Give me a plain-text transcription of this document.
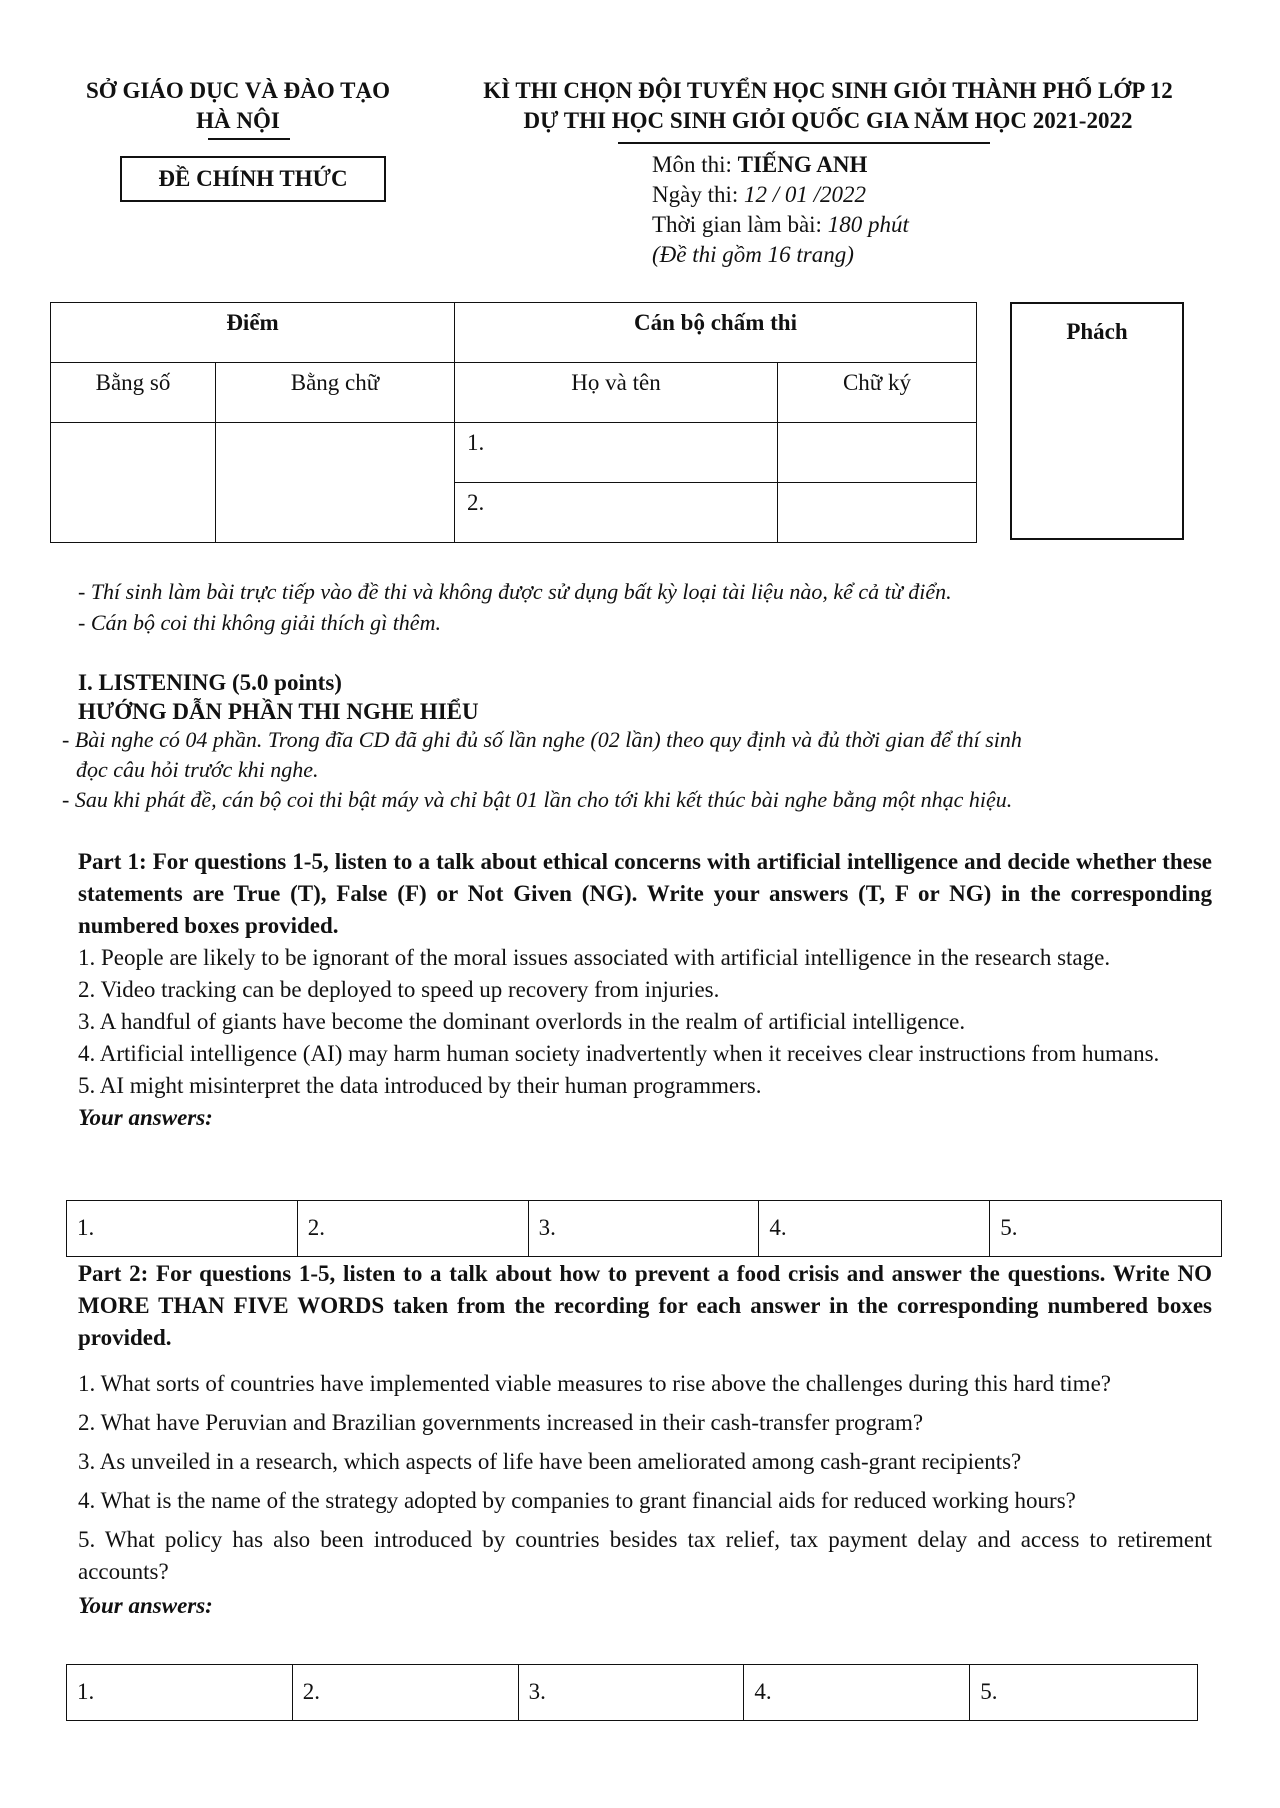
SỞ GIÁO DỤC VÀ ĐÀO TẠO
HÀ NỘI
KÌ THI CHỌN ĐỘI TUYỂN HỌC SINH GIỎI THÀNH PHỐ LỚP 12
DỰ THI HỌC SINH GIỎI QUỐC GIA NĂM HỌC 2021-2022
ĐỀ CHÍNH THỨC
Môn thi: TIẾNG ANH
Ngày thi: 12 / 01 /2022
Thời gian làm bài: 180 phút
(Đề thi gồm 16 trang)
Điểm		Cán bộ chấm thi	
Bằng số	Bằng chữ	Họ và tên	Chữ ký
		1.	
		2.	
Phách
- Thí sinh làm bài trực tiếp vào đề thi và không được sử dụng bất kỳ loại tài liệu nào, kể cả từ điển.
- Cán bộ coi thi không giải thích gì thêm.
I. LISTENING (5.0 points)
HƯỚNG DẪN PHẦN THI NGHE HIỂU
- Bài nghe có 04 phần. Trong đĩa CD đã ghi đủ số lần nghe (02 lần) theo quy định và đủ thời gian để thí sinh
đọc câu hỏi trước khi nghe.
- Sau khi phát đề, cán bộ coi thi bật máy và chỉ bật 01 lần cho tới khi kết thúc bài nghe bằng một nhạc hiệu.

Part 1: For questions 1-5, listen to a talk about ethical concerns with artificial intelligence and decide whether these statements are True (T), False (F) or Not Given (NG). Write your answers (T, F or NG) in the corresponding numbered boxes provided.

1. People are likely to be ignorant of the moral issues associated with artificial intelligence in the research stage.

2. Video tracking can be deployed to speed up recovery from injuries.

3. A handful of giants have become the dominant overlords in the realm of artificial intelligence.

4. Artificial intelligence (AI) may harm human society inadvertently when it receives clear instructions from humans.

5. AI might misinterpret the data introduced by their human programmers.

Your answers:

1.	2.	3.	4.	5.

Part 2: For questions 1-5, listen to a talk about how to prevent a food crisis and answer the questions. Write NO MORE THAN FIVE WORDS taken from the recording for each answer in the corresponding numbered boxes provided.

1. What sorts of countries have implemented viable measures to rise above the challenges during this hard time?

2. What have Peruvian and Brazilian governments increased in their cash-transfer program?

3. As unveiled in a research, which aspects of life have been ameliorated among cash-grant recipients?

4. What is the name of the strategy adopted by companies to grant financial aids for reduced working hours?

5. What policy has also been introduced by countries besides tax relief, tax payment delay and access to retirement accounts?

Your answers:

1.	2.	3.	4.	5.
